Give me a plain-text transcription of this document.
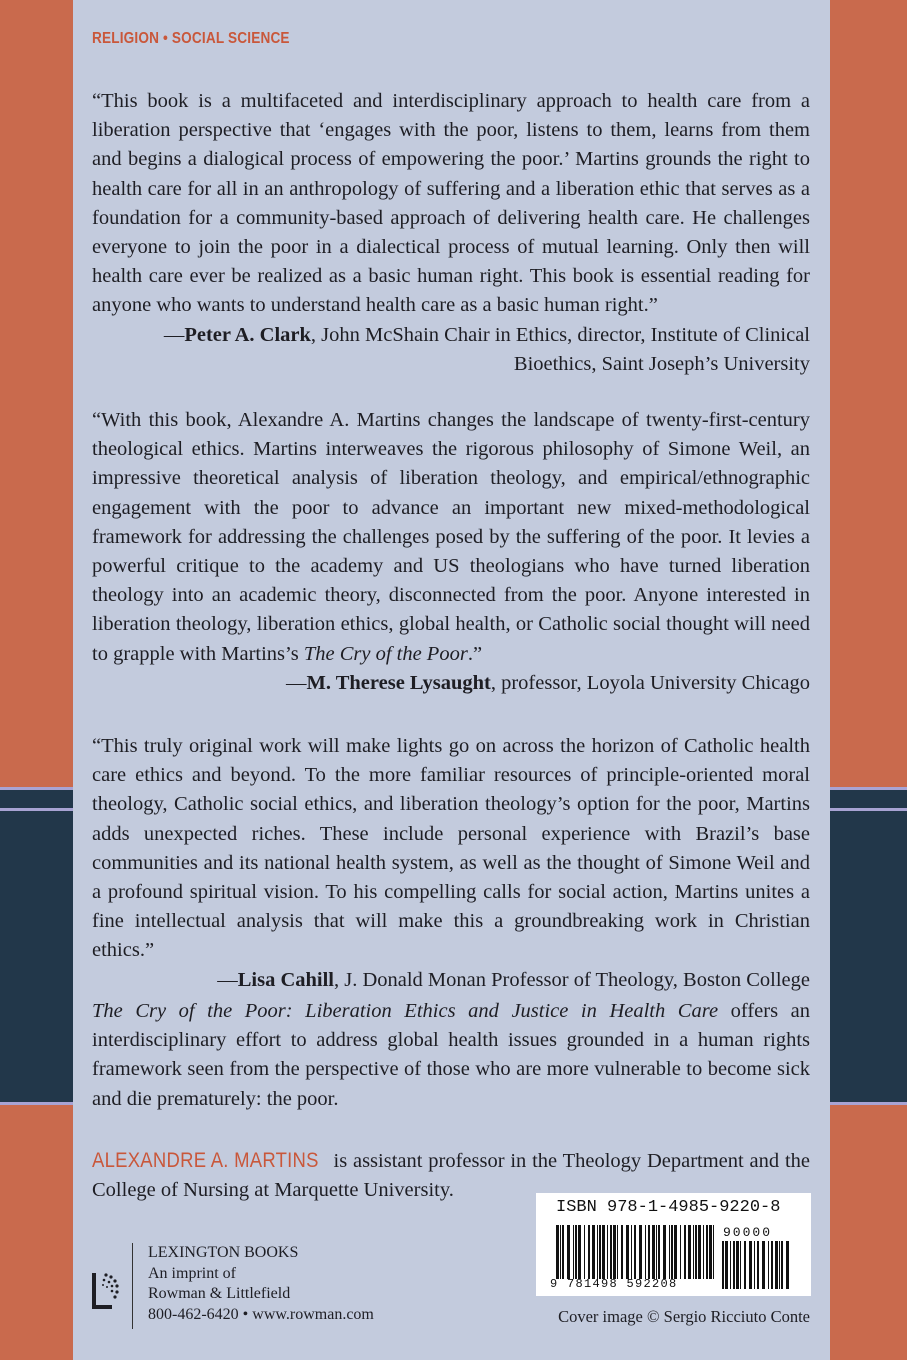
RELIGION • SOCIAL SCIENCE
“This book is a multifaceted and interdisciplinary approach to health care from a liberation perspective that ‘engages with the poor, listens to them, learns from them and begins a dialogical process of empowering the poor.’ Martins grounds the right to health care for all in an anthropology of suffering and a liberation ethic that serves as a foundation for a community-based approach of delivering health care. He challenges everyone to join the poor in a dialectical process of mutual learning. Only then will health care ever be realized as a basic human right. This book is essential reading for anyone who wants to understand health care as a basic human right.”
—Peter A. Clark, John McShain Chair in Ethics, director, Institute of Clinical
Bioethics, Saint Joseph’s University
“With this book, Alexandre A. Martins changes the landscape of twenty-first-century theological ethics. Martins interweaves the rigorous philosophy of Simone Weil, an impressive theoretical analysis of liberation theology, and empirical/ethnographic engagement with the poor to advance an important new mixed-methodological framework for addressing the challenges posed by the suffering of the poor. It levies a powerful critique to the academy and US theologians who have turned liberation theology into an academic theory, disconnected from the poor. Anyone interested in liberation theology, liberation ethics, global health, or Catholic social thought will need to grapple with Martins’s The Cry of the Poor.”
—M. Therese Lysaught, professor, Loyola University Chicago
“This truly original work will make lights go on across the horizon of Catholic health care ethics and beyond. To the more familiar resources of principle-oriented moral theology, Catholic social ethics, and liberation theology’s option for the poor, Martins adds unexpected riches. These include personal experience with Brazil’s base communities and its national health system, as well as the thought of Simone Weil and a profound spiritual vision. To his compelling calls for social action, Martins unites a fine intellectual analysis that will make this a groundbreaking work in Christian ethics.”
—Lisa Cahill, J. Donald Monan Professor of Theology, Boston College
The Cry of the Poor: Liberation Ethics and Justice in Health Care offers an interdisciplinary effort to address global health issues grounded in a human rights framework seen from the perspective of those who are more vulnerable to become sick and die prematurely: the poor.
ALEXANDRE A. MARTINS is assistant professor in the Theology Department and the College of Nursing at Marquette University.
LEXINGTON BOOKS
An imprint of
Rowman & Littlefield
800-462-6420 • www.rowman.com
ISBN 978-1-4985-9220-8
9 781498 592208
90000
Cover image © Sergio Ricciuto Conte
